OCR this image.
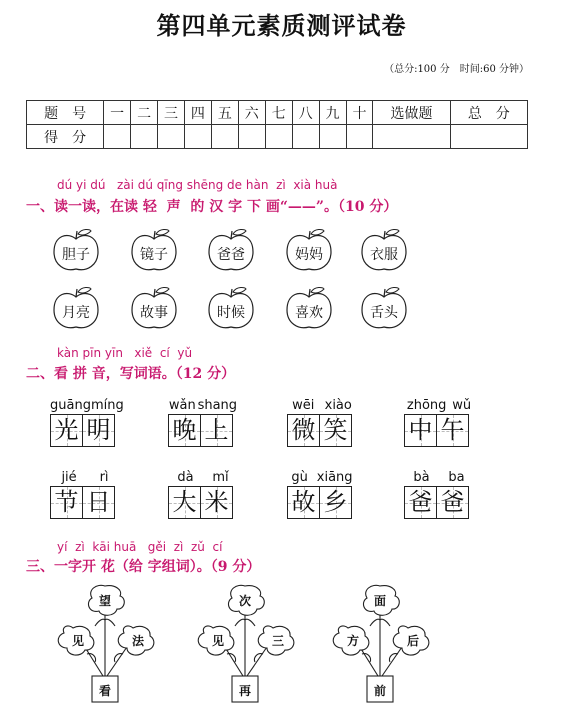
第四单元素质测评试卷
（总分:100 分　时间:60 分钟）
题　号	一	二	三	四	五	六	七	八	九	十	选做题	总　分
得　分												
dú yi dú   zài dú qīng shēng de hàn  zì  xià huà
一、读一读，在读 轻  声  的 汉 字 下 画“——”。（10 分）
胆子	镜子	爸爸	妈妈	衣服
月亮	故事	时候	喜欢	舌头
kàn pīn yīn   xiě  cí  yǔ
二、看 拼 音，写词语。（12 分）
guāng míng
光 明
wǎn shang
晚 上
wēi xiào
微 笑
zhōng wǔ
中 午
jié rì
节 日
dà mǐ
大 米
gù xiāng
故 乡
bà ba
爸 爸
yí  zì  kāi huā   gěi  zì  zǔ  cí
三、一字开 花（给 字组词）。（9 分）
望
见	法
看
次
见	三
再
面
方	后
前
